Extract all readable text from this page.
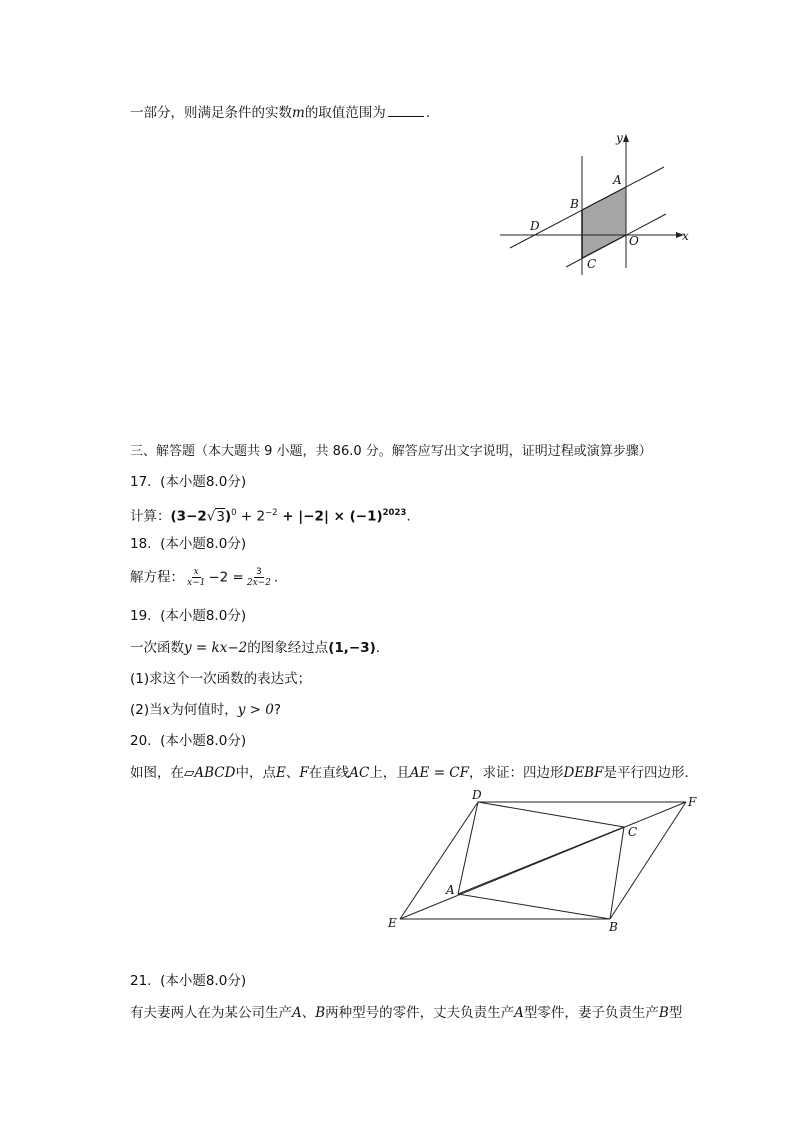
一部分，则满足条件的实数m的取值范围为	．
y
x
A
B
O
D
C
三、解答题（本大题共 9 小题，共 86.0 分。解答应写出文字说明，证明过程或演算步骤）
17. (本小题8.0分)
计算：$(3-2√3)^0 + 2^{-2} + |-2| \times (-1)^{2023}$.
18. (本小题8.0分)
解方程： $\frac{x}{x-1} -2 = \frac{3}{2x-2}$ .
19. (本小题8.0分)
一次函数y = kx−2的图象经过点(1,−3).
(1)求这个一次函数的表达式；
(2)当x为何值时，y > 0?
20. (本小题8.0分)
如图，在▱ABCD中，点E、F在直线AC上，且AE = CF，求证：四边形DEBF是平行四边形．
D	F
C
A
E	B
21. (本小题8.0分)
有夫妻两人在为某公司生产A、B两种型号的零件，丈夫负责生产A型零件，妻子负责生产B型
